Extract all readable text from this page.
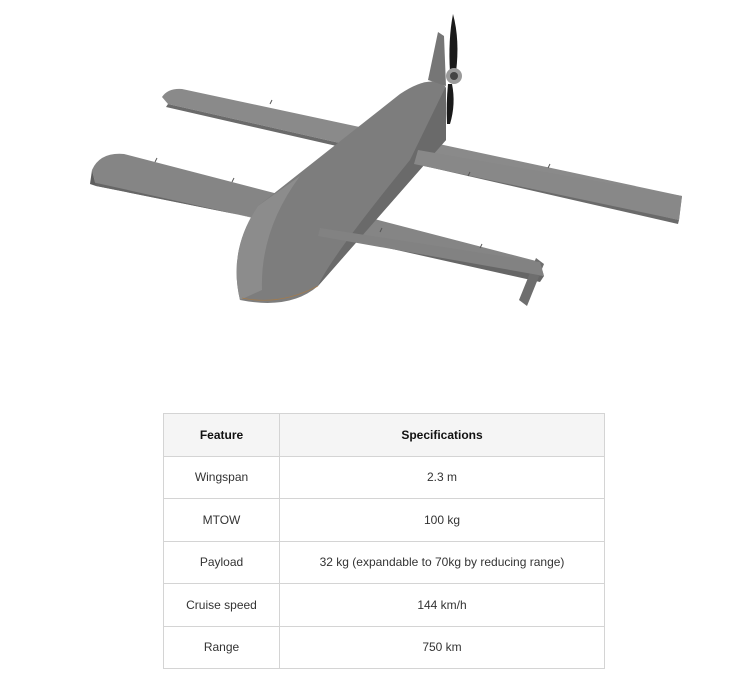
Feature	Specifications
Wingspan	2.3 m
MTOW	100 kg
Payload	32 kg (expandable to 70kg by reducing range)
Cruise speed	144 km/h
Range	750 km
